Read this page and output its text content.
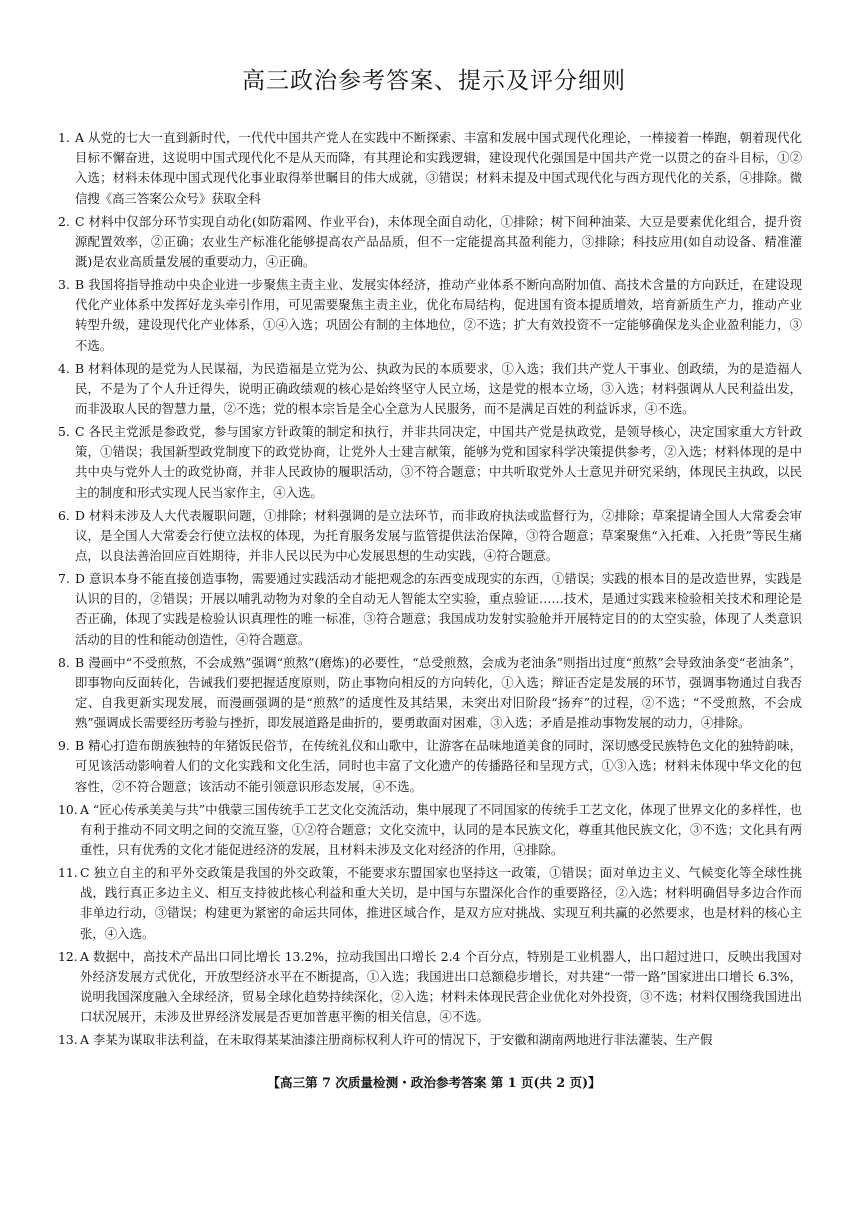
高三政治参考答案、提示及评分细则
1. A 从党的七大一直到新时代，一代代中国共产党人在实践中不断探索、丰富和发展中国式现代化理论，一棒接着一棒跑，朝着现代化目标不懈奋进，这说明中国式现代化不是从天而降，有其理论和实践逻辑，建设现代化强国是中国共产党一以贯之的奋斗目标，①②入选；材料未体现中国式现代化事业取得举世瞩目的伟大成就，③错误；材料未提及中国式现代化与西方现代化的关系，④排除。微信搜《高三答案公众号》获取全科
2. C 材料中仅部分环节实现自动化(如防霜网、作业平台)，未体现全面自动化，①排除；树下间种油菜、大豆是要素优化组合，提升资源配置效率，②正确；农业生产标准化能够提高农产品品质，但不一定能提高其盈利能力，③排除；科技应用(如自动设备、精准灌溉)是农业高质量发展的重要动力，④正确。
3. B 我国将指导推动中央企业进一步聚焦主责主业、发展实体经济，推动产业体系不断向高附加值、高技术含量的方向跃迁，在建设现代化产业体系中发挥好龙头牵引作用，可见需要聚焦主责主业，优化布局结构，促进国有资本提质增效，培育新质生产力，推动产业转型升级，建设现代化产业体系，①④入选；巩固公有制的主体地位，②不选；扩大有效投资不一定能够确保龙头企业盈利能力，③不选。
4. B 材料体现的是党为人民谋福，为民造福是立党为公、执政为民的本质要求，①入选；我们共产党人干事业、创政绩，为的是造福人民，不是为了个人升迁得失，说明正确政绩观的核心是始终坚守人民立场，这是党的根本立场，③入选；材料强调从人民利益出发，而非汲取人民的智慧力量，②不选；党的根本宗旨是全心全意为人民服务，而不是满足百姓的利益诉求，④不选。
5. C 各民主党派是参政党，参与国家方针政策的制定和执行，并非共同决定，中国共产党是执政党，是领导核心，决定国家重大方针政策，①错误；我国新型政党制度下的政党协商，让党外人士建言献策，能够为党和国家科学决策提供参考，②入选；材料体现的是中共中央与党外人士的政党协商，并非人民政协的履职活动，③不符合题意；中共听取党外人士意见并研究采纳，体现民主执政，以民主的制度和形式实现人民当家作主，④入选。
6. D 材料未涉及人大代表履职问题，①排除；材料强调的是立法环节，而非政府执法或监督行为，②排除；草案提请全国人大常委会审议，是全国人大常委会行使立法权的体现，为托育服务发展与监管提供法治保障，③符合题意；草案聚焦“入托难、入托贵”等民生痛点，以良法善治回应百姓期待，并非人民以民为中心发展思想的生动实践，④符合题意。
7. D 意识本身不能直接创造事物，需要通过实践活动才能把观念的东西变成现实的东西，①错误；实践的根本目的是改造世界，实践是认识的目的，②错误；开展以哺乳动物为对象的全自动无人智能太空实验，重点验证……技术，是通过实践来检验相关技术和理论是否正确，体现了实践是检验认识真理性的唯一标准，③符合题意；我国成功发射实验舱并开展特定目的的太空实验，体现了人类意识活动的目的性和能动创造性，④符合题意。
8. B 漫画中“不受煎熬，不会成熟”强调“煎熬”(磨炼)的必要性，“总受煎熬，会成为老油条”则指出过度“煎熬”会导致油条变“老油条”，即事物向反面转化，告诫我们要把握适度原则，防止事物向相反的方向转化，①入选；辩证否定是发展的环节，强调事物通过自我否定、自我更新实现发展，而漫画强调的是“煎熬”的适度性及其结果，未突出对旧阶段“扬弃”的过程，②不选；“不受煎熬，不会成熟”强调成长需要经历考验与挫折，即发展道路是曲折的，要勇敢面对困难，③入选；矛盾是推动事物发展的动力，④排除。
9. B 精心打造布朗族独特的年猪饭民俗节，在传统礼仪和山歌中，让游客在品味地道美食的同时，深切感受民族特色文化的独特韵味，可见该活动影响着人们的文化实践和文化生活，同时也丰富了文化遗产的传播路径和呈现方式，①③入选；材料未体现中华文化的包容性，②不符合题意；该活动不能引领意识形态发展，④不选。
10. A “匠心传承美美与共”中俄蒙三国传统手工艺文化交流活动，集中展现了不同国家的传统手工艺文化，体现了世界文化的多样性，也有利于推动不同文明之间的交流互鉴，①②符合题意；文化交流中，认同的是本民族文化，尊重其他民族文化，③不选；文化具有两重性，只有优秀的文化才能促进经济的发展，且材料未涉及文化对经济的作用，④排除。
11. C 独立自主的和平外交政策是我国的外交政策，不能要求东盟国家也坚持这一政策，①错误；面对单边主义、气候变化等全球性挑战，践行真正多边主义、相互支持彼此核心利益和重大关切，是中国与东盟深化合作的重要路径，②入选；材料明确倡导多边合作而非单边行动，③错误；构建更为紧密的命运共同体，推进区域合作，是双方应对挑战、实现互利共赢的必然要求，也是材料的核心主张，④入选。
12. A 数据中，高技术产品出口同比增长 13.2%，拉动我国出口增长 2.4 个百分点，特别是工业机器人，出口超过进口，反映出我国对外经济发展方式优化，开放型经济水平在不断提高，①入选；我国进出口总额稳步增长，对共建“一带一路”国家进出口增长 6.3%，说明我国深度融入全球经济，贸易全球化趋势持续深化，②入选；材料未体现民营企业优化对外投资，③不选；材料仅围绕我国进出口状况展开，未涉及世界经济发展是否更加普惠平衡的相关信息，④不选。
13. A 李某为谋取非法利益，在未取得某某油漆注册商标权利人许可的情况下，于安徽和湖南两地进行非法灌装、生产假
【高三第 7 次质量检测・政治参考答案 第 1 页(共 2 页)】
